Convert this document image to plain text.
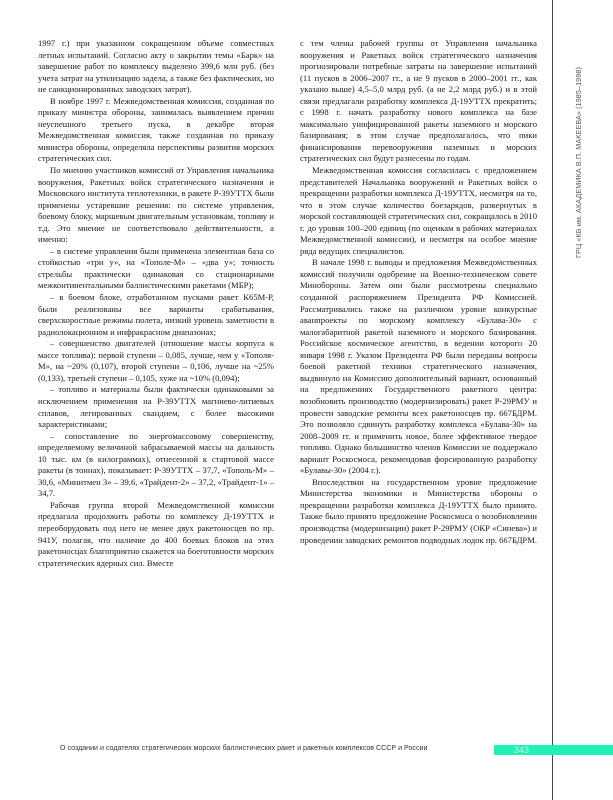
ГРЦ «КБ им. АКАДЕМИКА В.П. МАКЕЕВА» (1985–1998)

1997 г.) при указанном сокращенном объеме совместных летных испытаний. Согласно акту о закрытии темы «Барк» на завершение работ по комплексу выделено 399,6 млн руб. (без учета затрат на утилизацию задела, а также без фактических, но не санкционированных заводских затрат).

В ноябре 1997 г. Межведомственная комиссия, созданная по приказу министра обороны, занималась выявлением причин неуспешного третьего пуска, в декабре вторая Межведомственная комиссия, также созданная по приказу министра обороны, определяла перспективы развития морских стратегических сил.

По мнению участников комиссий от Управления начальника вооружения, Ракетных войск стратегического назначения и Московского института теплотехники, в ракете Р-39УТТХ были применены устаревшие решения: по системе управления, боевому блоку, маршевым двигательным установкам, топливу и т.д. Это мнение не соответствовало действительности, а именно:

– в системе управления были применена элементная база со стойкостью «три у», на «Тополе-М» – «два у»; точность стрельбы практически одинаковая со стационарными межконтинентальными баллистическими ракетами (МБР);

– в боевом блоке, отработанном пусками ракет К65М-Р, были реализованы все варианты срабатывания, сверхскоростные режимы полета, низкий уровень заметности в радиолокационном и инфракрасном диапазонах;

– совершенство двигателей (отношение массы корпуса к массе топлива): первой ступени – 0,085, лучше, чем у «Тополя-М», на ~20% (0,107), второй ступени – 0,106, лучше на ~25% (0,133), третьей ступени – 0,105, хуже на ~10% (0,094);

– топливо и материалы были фактически одинаковыми за исключением применения на Р-39УТТХ магниево-литиевых сплавов, легированных скандием, с более высокими характеристиками;

– сопоставление по энергомассовому совершенству, определяемому величиной забрасываемой массы на дальность 10 тыс. км (в килограммах), отнесенной к стартовой массе ракеты (в тоннах), показывает: Р-39УТТХ – 37,7, «Тополь-М» – 30,6, «Минитмен 3» – 39,6, «Трайдент-2» – 37,2, «Трайдент-1» – 34,7.

Рабочая группа второй Межведомственной комиссии предлагала продолжить работы по комплексу Д-19УТТХ и переоборудовать под него не менее двух ракетоносцев по пр. 941У, полагая, что наличие до 400 боевых блоков на этих ракетоносцах благоприятно скажется на боеготовности морских стратегических ядерных сил. Вместе

с тем члены рабочей группы от Управления начальника вооружения и Ракетных войск стратегического назначения прогнозировали потребные затраты на завершение испытаний (11 пусков в 2006–2007 гг., а не 9 пусков в 2000–2001 гг., как указано выше) 4,5–5,0 млрд руб. (а не 2,2 млрд руб.) и в этой связи предлагали разработку комплекса Д-19УТТХ прекратить; с 1998 г. начать разработку нового комплекса на базе максимально унифицированной ракеты наземного и морского базирования; в этом случае предполагалось, что пики финансирования перевооружения наземных и морских стратегических сил будут разнесены по годам.

Межведомственная комиссия согласилась с предложением представителей Начальника вооружений и Ракетных войск о прекращении разработки комплекса Д-19УТТХ, несмотря на то, что в этом случае количество боезарядов, развернутых в морской составляющей стратегических сил, сокращалось в 2010 г. до уровня 100–200 единиц (по оценкам в рабочих материалах Межведомственной комиссии), и несмотря на особое мнение ряда ведущих специалистов.

В начале 1998 г. выводы и предложения Межведомственных комиссий получили одобрение на Военно-техническом совете Минобороны. Затем они были рассмотрены специально созданной распоряжением Президента РФ Комиссией. Рассматривались также на различном уровне конкурсные аванпроекты по морскому комплексу «Булава-30» с малогабаритной ракетой наземного и морского базирования. Российское космическое агентство, в ведении которого 20 января 1998 г. Указом Президента РФ были переданы вопросы боевой ракетной техники стратегического назначения, выдвинуло на Комиссию дополнительный вариант, основанный на предложениях Государственного ракетного центра: возобновить производство (модернизировать) ракет Р-29РМУ и провести заводские ремонты всех ракетоносцев пр. 667БДРМ. Это позволяло сдвинуть разработку комплекса «Булава-30» на 2008–2009 гг. и применить новое, более эффективное твердое топливо. Однако большинство членов Комиссии не поддержало вариант Роскосмоса, рекомендовав форсированную разработку «Булавы-30» (2004 г.).

Впоследствии на государственном уровне предложение Министерства экономики и Министерства обороны о прекращении разработки комплекса Д-19УТТХ было принято. Также было принято предложение Роскосмоса о возобновлении производства (модернизации) ракет Р-29РМУ (ОКР «Синева») и проведении заводских ремонтов подводных лодок пр. 667БДРМ.

О создании и содателях стратегических морских баллистических ракет и ракетных комплексов СССР и России	343
